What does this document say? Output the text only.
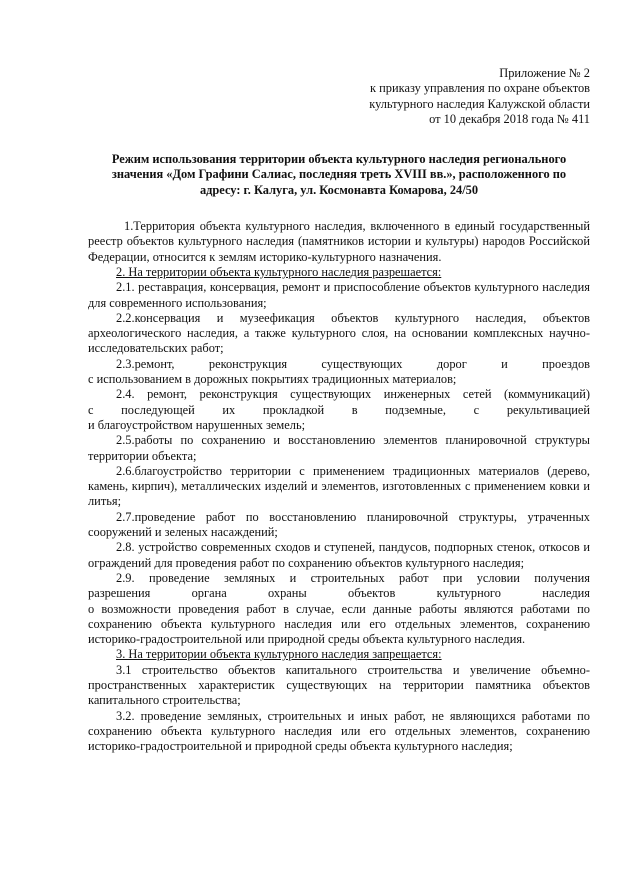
Приложение № 2
к приказу управления по охране объектов
культурного наследия Калужской области
от 10 декабря 2018 года № 411
Режим использования территории объекта культурного наследия регионального
значения «Дом Графини Салиас, последняя треть XVIII вв.», расположенного по
адресу: г. Калуга, ул. Космонавта Комарова, 24/50

1.Территория объекта культурного наследия, включенного в единый государственный реестр объектов культурного наследия (памятников истории и культуры) народов Российской Федерации, относится к землям историко-культурного назначения.

2. На территории объекта культурного наследия разрешается:

2.1. реставрация, консервация, ремонт и приспособление объектов культурного наследия для современного использования;

2.2.консервация и музеефикация объектов культурного наследия, объектов археологического наследия, а также культурного слоя, на основании комплексных научно-исследовательских работ;

2.3.ремонт, реконструкция существующих дорог и проездов
с использованием в дорожных покрытиях традиционных материалов;

2.4. ремонт, реконструкция существующих инженерных сетей (коммуникаций)
с последующей их прокладкой в подземные, с рекультивацией
и благоустройством нарушенных земель;

2.5.работы по сохранению и восстановлению элементов планировочной структуры территории объекта;

2.6.благоустройство территории с применением традиционных материалов (дерево, камень, кирпич), металлических изделий и элементов, изготовленных с применением ковки и литья;

2.7.проведение работ по восстановлению планировочной структуры, утраченных сооружений и зеленых насаждений;

2.8. устройство современных сходов и ступеней, пандусов, подпорных стенок, откосов и ограждений для проведения работ по сохранению объектов культурного наследия;

2.9. проведение земляных и строительных работ при условии получения
разрешения органа охраны объектов культурного наследия
о возможности проведения работ в случае, если данные работы являются работами по сохранению объекта культурного наследия или его отдельных элементов, сохранению историко-градостроительной или природной среды объекта культурного наследия.

3. На территории объекта культурного наследия запрещается:

3.1 строительство объектов капитального строительства и увеличение объемно-пространственных характеристик существующих на территории памятника объектов капитального строительства;

3.2. проведение земляных, строительных и иных работ, не являющихся работами по сохранению объекта культурного наследия или его отдельных элементов, сохранению историко-градостроительной и природной среды объекта культурного наследия;
